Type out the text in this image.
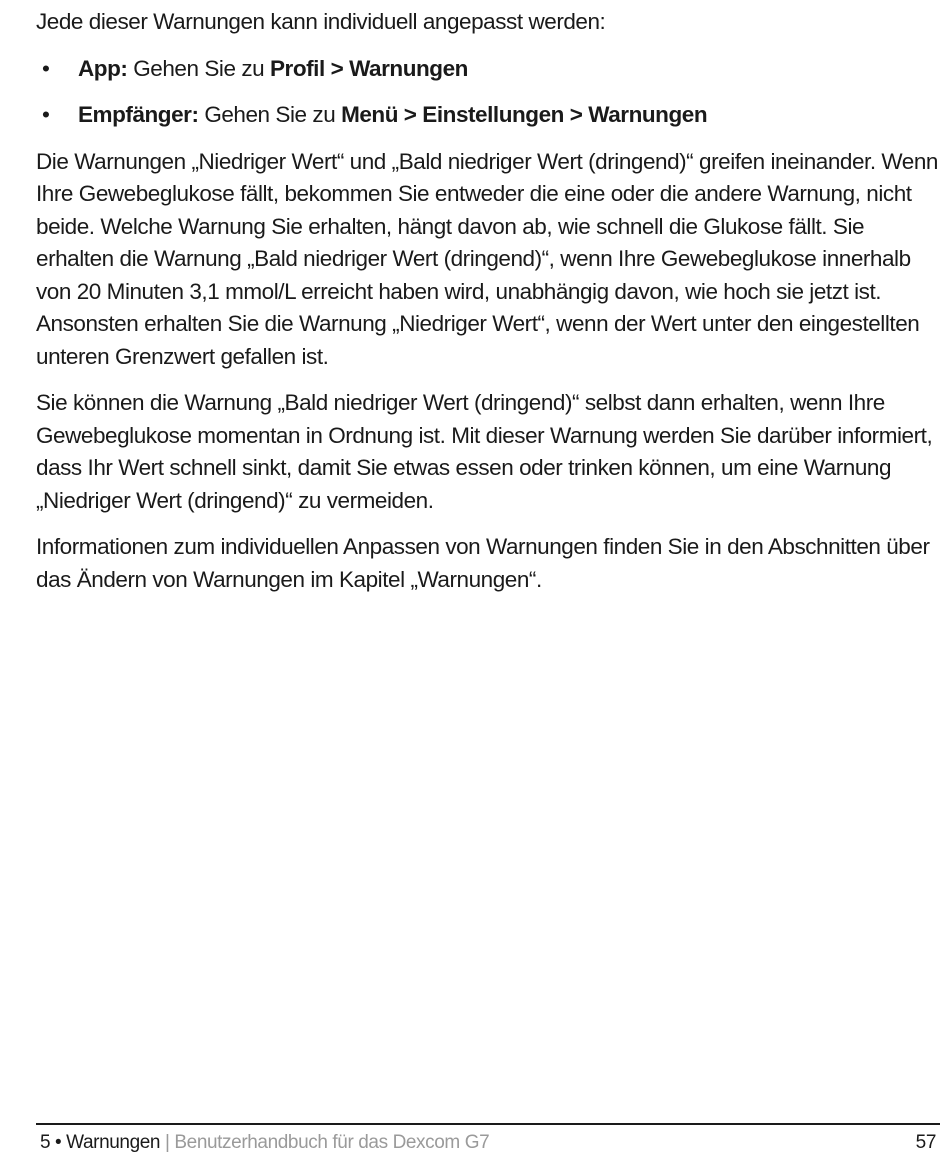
Jede dieser Warnungen kann individuell angepasst werden:

• App: Gehen Sie zu Profil > Warnungen
• Empfänger: Gehen Sie zu Menü > Einstellungen > Warnungen

Die Warnungen „Niedriger Wert“ und „Bald niedriger Wert (dringend)“ greifen ineinander. Wenn Ihre Gewebeglukose fällt, bekommen Sie entweder die eine oder die andere Warnung, nicht beide. Welche Warnung Sie erhalten, hängt davon ab, wie schnell die Glukose fällt. Sie erhalten die Warnung „Bald niedriger Wert (dringend)“, wenn Ihre Gewebeglukose innerhalb von 20 Minuten 3,1 mmol/L erreicht haben wird, unabhängig davon, wie hoch sie jetzt ist. Ansonsten erhalten Sie die Warnung „Niedriger Wert“, wenn der Wert unter den eingestellten unteren Grenzwert gefallen ist.

Sie können die Warnung „Bald niedriger Wert (dringend)“ selbst dann erhalten, wenn Ihre Gewebeglukose momentan in Ordnung ist. Mit dieser Warnung werden Sie darüber informiert, dass Ihr Wert schnell sinkt, damit Sie etwas essen oder trinken können, um eine Warnung „Niedriger Wert (dringend)“ zu vermeiden.

Informationen zum individuellen Anpassen von Warnungen finden Sie in den Abschnitten über das Ändern von Warnungen im Kapitel „Warnungen“.

5 • Warnungen | Benutzerhandbuch für das Dexcom G7	57
